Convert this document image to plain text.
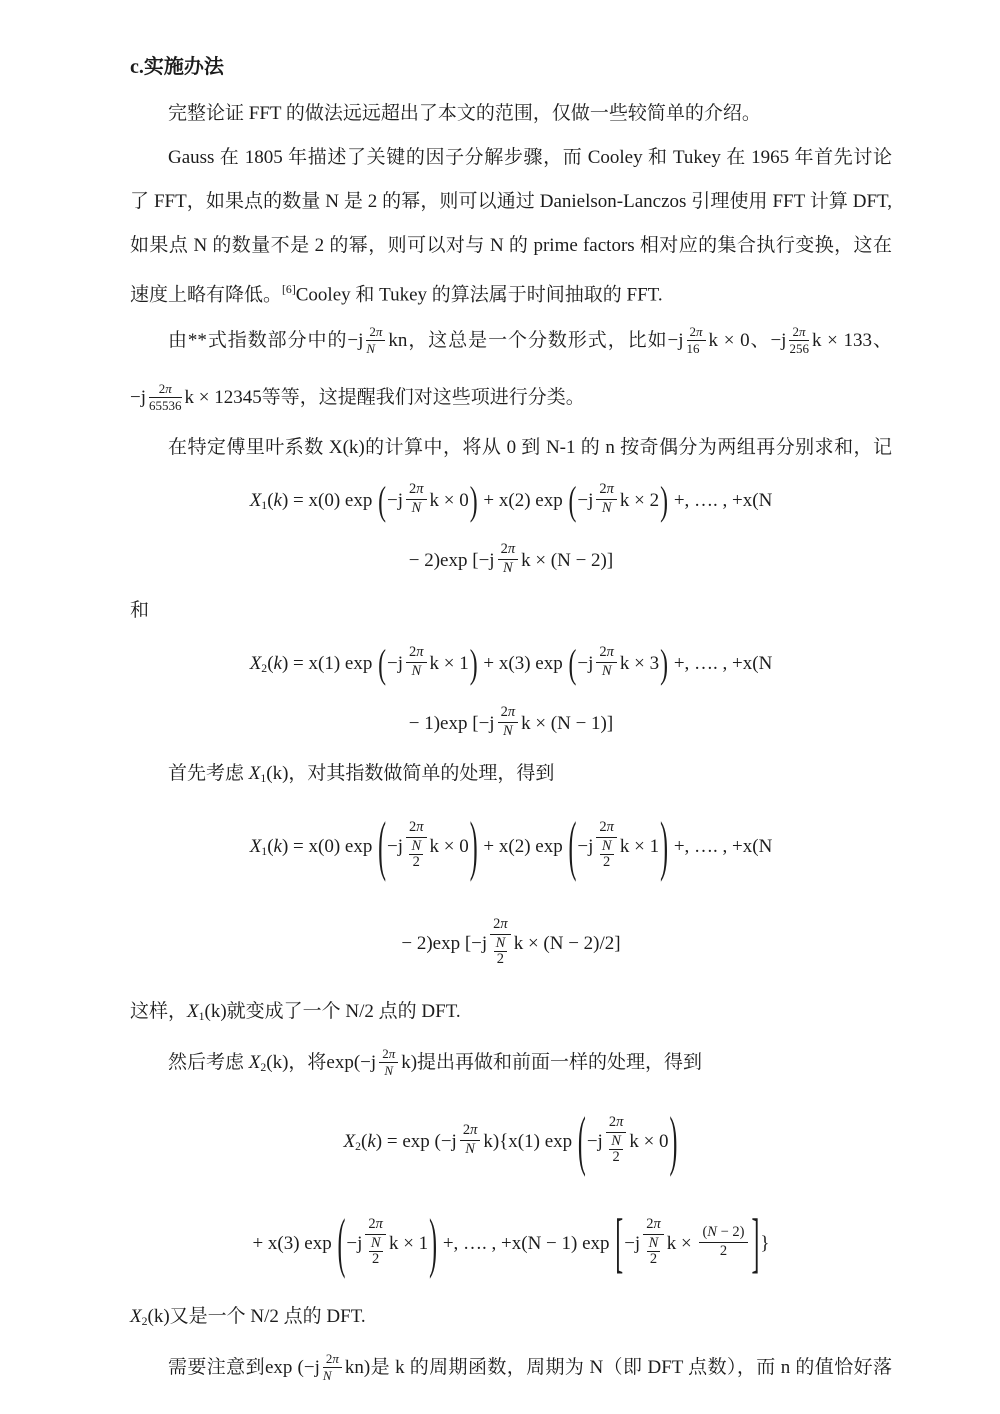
c.实施办法
完整论证 FFT 的做法远远超出了本文的范围，仅做一些较简单的介绍。
Gauss 在 1805 年描述了关键的因子分解步骤，而 Cooley 和 Tukey 在 1965 年首先讨论
了 FFT，如果点的数量 N 是 2 的幂，则可以通过 Danielson-Lanczos 引理使用 FFT 计算 DFT,
如果点 N 的数量不是 2 的幂，则可以对与 N 的 prime factors 相对应的集合执行变换，这在
速度上略有降低。[6]Cooley 和 Tukey 的算法属于时间抽取的 FFT.
由**式指数部分中的$-j \frac{2\pi}{N}$ kn，这总是一个分数形式，比如$-j \frac{2\pi}{16}$ k × 0、$-j \frac{2\pi}{256}$ k × 133、
$-j \frac{2\pi}{65536}$ k × 12345等等，这提醒我们对这些项进行分类。
在特定傅里叶系数 X(k)的计算中，将从 0 到 N-1 的 n 按奇偶分为两组再分别求和，记
X1(k) = x(0) $\exp (-j \frac{2\pi}{N}$ k × 0) + x(2) $\exp (-j \frac{2\pi}{N}$ k × 2) +, …. , +x(N
− 2)exp [$-j \frac{2\pi}{N}$ k × (N − 2)]
和
X2(k) = x(1) $\exp (-j \frac{2\pi}{N}$ k × 1) + x(3) $\exp (-j \frac{2\pi}{N}$ k × 3) +, …. , +x(N
− 1)exp [$-j \frac{2\pi}{N}$ k × (N − 1)]
首先考虑 X1(k)，对其指数做简单的处理，得到
X1(k) = x(0) exp (−j 2π
N
2 k × 0) + x(2) exp (−j 2π
N
2 k × 1) +, …. , +x(N
− 2)exp [−j 2π
N
2 k × (N − 2)/2]
这样，X1(k)就变成了一个 N/2 点的 DFT.
然后考虑 X2(k)，将$\exp(-j \frac{2\pi}{N} k)$提出再做和前面一样的处理，得到
$X2(k) = \exp (-j \frac{2\pi}{N} k)\{x(1)$ exp (−j 2π
N
2 k × 0)
+ x(3) exp (−j 2π
N
2 k × 1) +, …. , +x(N − 1) exp [−j 2π
N
2 $k \times \frac{(N - 2)}{2}$ ]}
X2(k)又是一个 N/2 点的 DFT.
需要注意到$\exp (-j \frac{2\pi}{N} kn)$是 k 的周期函数，周期为 N（即 DFT 点数），而 n 的值恰好落
